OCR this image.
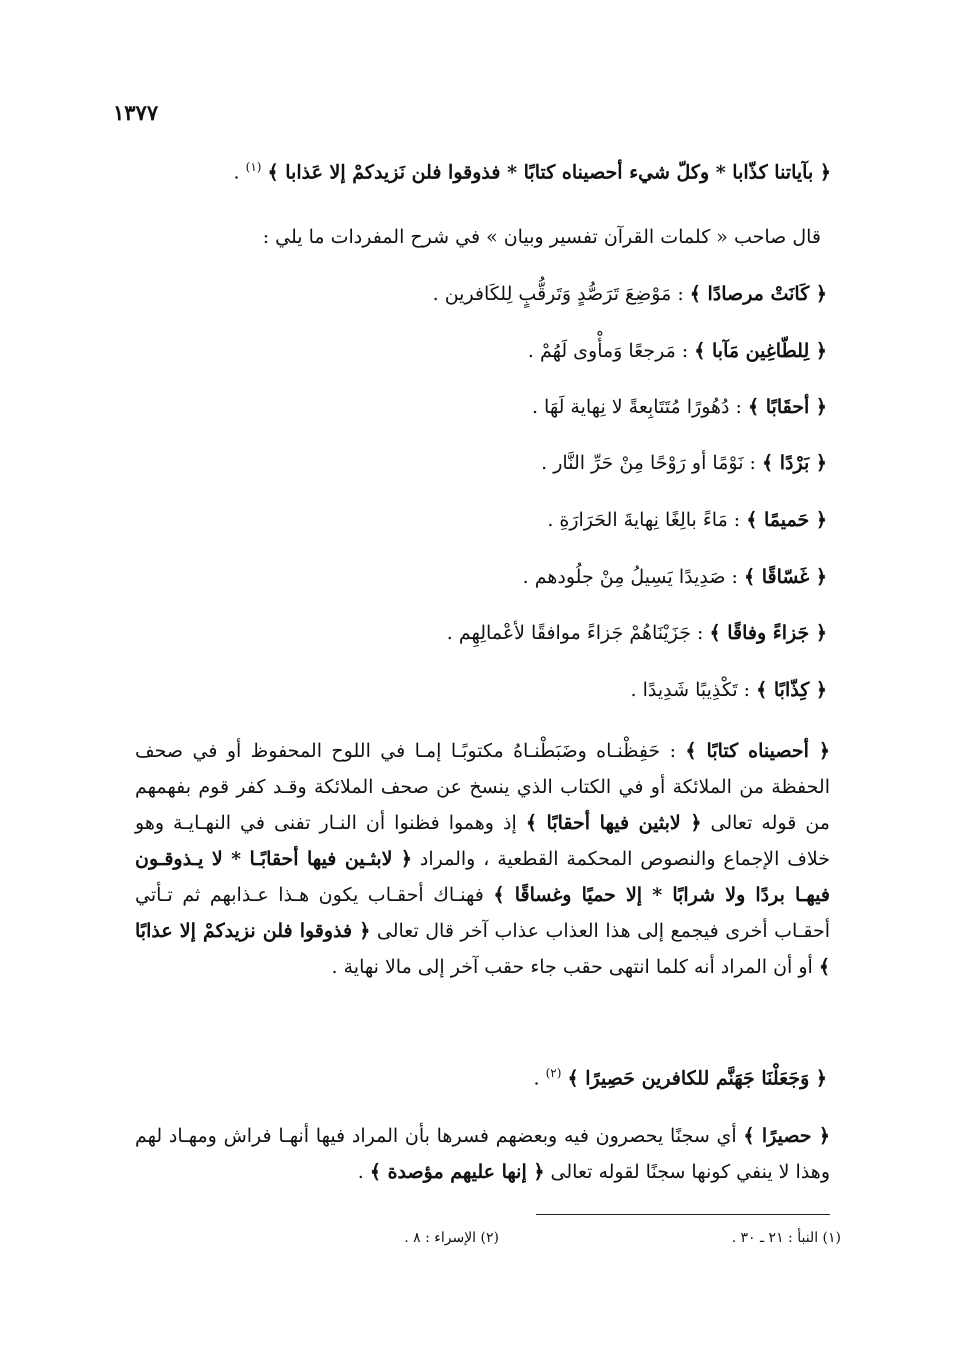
١٣٧٧
﴿ بآياتنا كذّابا * وكلّ شيء أحصيناه كتابًا * فذوقوا فلن نَزيدكمْ إلا عَذابا ﴾ $^{(١)}$ .
قال صاحب « كلمات القرآن تفسير وبيان » في شرح المفردات ما يلي :
﴿ كَانَتْ مرصادًا ﴾ : مَوْضِعَ تَرَصُّدٍ وَتَرقُّبٍ لِلكَافرين .
﴿ لِلطّاغِين مَآبا ﴾ : مَرجعًا وَمأْوى لَهُمْ .
﴿ أحقَابًا ﴾ : دُهُورًا مُتَتَابِعةً لا نِهاية لَهَا .
﴿ بَرْدًا ﴾ : نَوْمًا أو رَوْحًا مِنْ حَرِّ النَّار .
﴿ حَميمًا ﴾ : مَاءً بالِغًا نِهايةَ الحَرَارَةِ .
﴿ غَسّاقًا ﴾ : صَدِيدًا يَسِيلُ مِنْ جلُودهم .
﴿ جَزاءً وفاقًا ﴾ : جَزَيْنَاهُمْ جَزاءً موافقًا لأعْمالِهِم .
﴿ كِذّابًا ﴾ : تَكْذِيبًا شَدِيدًا .
﴿ أحصيناه كتابًا ﴾ : حَفِظْنـاه وضَبَطْنـاهُ مكتوبًـا إمـا في اللوح المحفوظ أو في صحف الحفظة من الملائكة أو في الكتاب الذي ينسخ عن صحف الملائكة وقـد كفر قوم بفهمهم من قوله تعالى ﴿ لابثين فيها أحقابًا ﴾ إذ وهموا فظنوا أن النـار تفنى في النهـايـة وهو خلاف الإجماع والنصوص المحكمة القطعية ، والمراد ﴿ لابثـين فيها أحقابًـا * لا يـذوقـون فيهـا بردًا ولا شرابًا * إلا حميًا وغساقًا ﴾ فهنـاك أحقـاب يكون هـذا عـذابهم ثم تـأتي أحقـاب أخرى فيجمع إلى هذا العذاب عذاب آخر قال تعالى ﴿ فذوقوا فلن نزيدكمْ إلا عذابًا ﴾ أو أن المراد أنه كلما انتهى حقب جاء حقب آخر إلى مالا نهاية .
﴿ وَجَعَلْنَا جَهَنَّم للكافرين حَصِيرًا ﴾ $^{(٢)}$ .
﴿ حصيرًا ﴾ أي سجنًا يحصرون فيه وبعضهم فسرها بأن المراد فيها أنهـا فراش ومهـاد لهم وهذا لا ينفي كونها سجنًا لقوله تعالى ﴿ إنها عليهم مؤصدة ﴾ .
(١) النبأ : ٢١ ـ ٣٠ .
(٢) الإسراء : ٨ .
